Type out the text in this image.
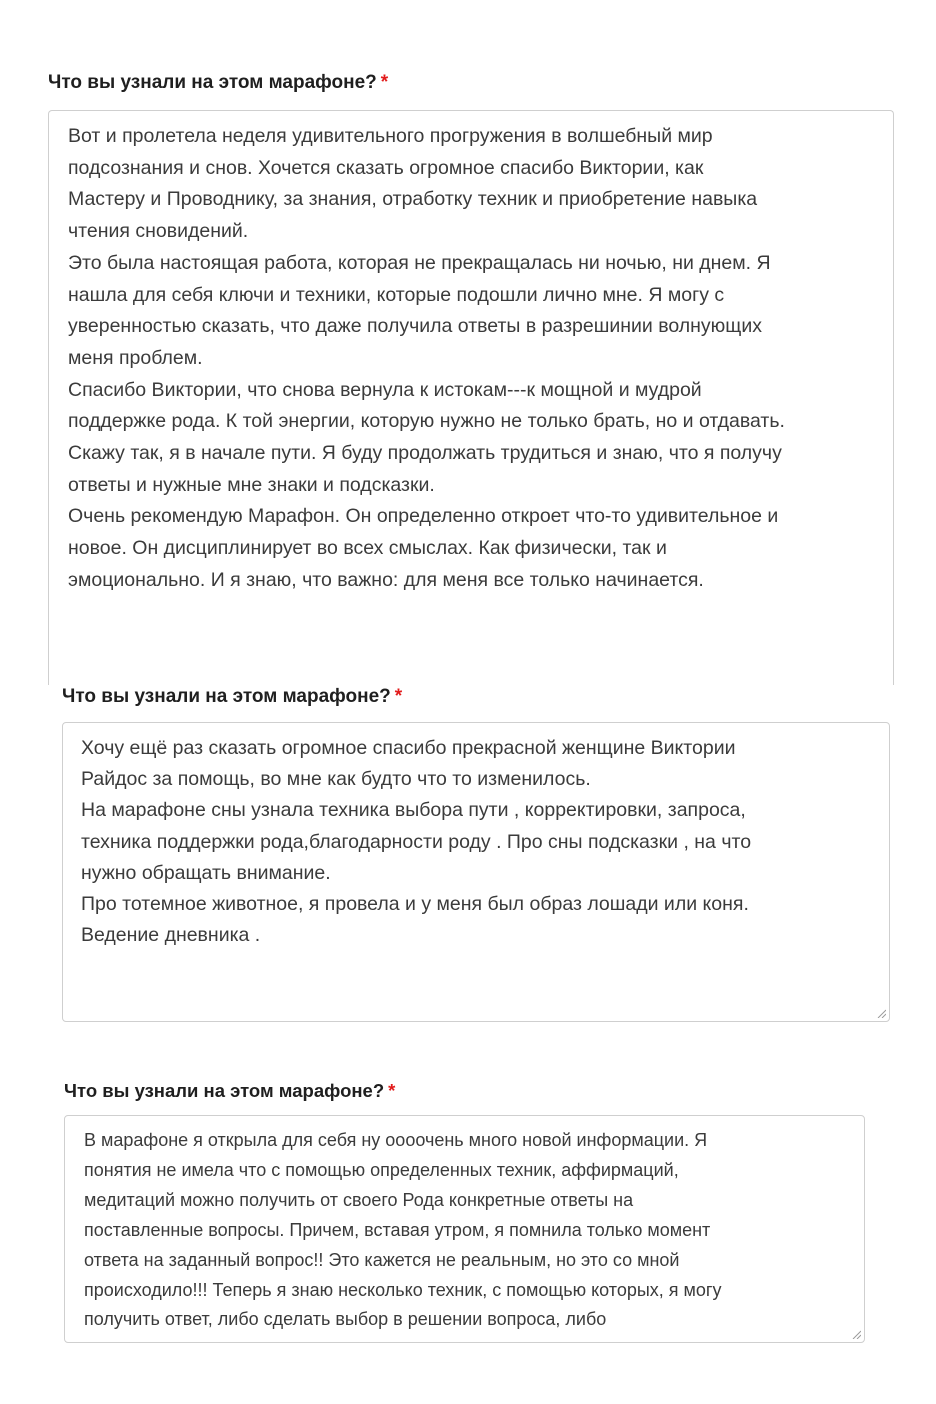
Что вы узнали на этом марафоне? *

Вот и пролетела неделя удивительного прогружения в волшебный мир

подсознания и снов. Хочется сказать огромное спасибо Виктории, как

Мастеру и Проводнику, за знания, отработку техник и приобретение навыка

чтения сновидений.

Это была настоящая работа, которая не прекращалась ни ночью, ни днем. Я

нашла для себя ключи и техники, которые подошли лично мне. Я могу с

уверенностью сказать, что даже получила ответы в разрешинии волнующих

меня проблем.

Спасибо Виктории, что снова вернула к истокам---к мощной и мудрой

поддержке рода. К той энергии, которую нужно не только брать, но и отдавать.

Скажу так, я в начале пути. Я буду продолжать трудиться и знаю, что я получу

ответы и нужные мне знаки и подсказки.

Очень рекомендую Марафон. Он определенно откроет что-то удивительное и

новое. Он дисциплинирует во всех смыслах. Как физически, так и

эмоционально. И я знаю, что важно: для меня все только начинается.

Что вы узнали на этом марафоне? *

Хочу ещё раз сказать огромное спасибо прекрасной женщине Виктории

Райдос за помощь, во мне как будто что то изменилось.

На марафоне сны узнала техника выбора пути , корректировки, запроса,

техника поддержки рода,благодарности роду . Про сны подсказки , на что

нужно обращать внимание.

Про тотемное животное, я провела и у меня был образ лошади или коня.

Ведение дневника .

Что вы узнали на этом марафоне? *

В марафоне я открыла для себя ну оооочень много новой информации. Я

понятия не имела что с помощью определенных техник, аффирмаций,

медитаций можно получить от своего Рода конкретные ответы на

поставленные вопросы. Причем, вставая утром, я помнила только момент

ответа на заданный вопрос!! Это кажется не реальным, но это со мной

происходило!!! Теперь я знаю несколько техник, с помощью которых, я могу

получить ответ, либо сделать выбор в решении вопроса, либо
